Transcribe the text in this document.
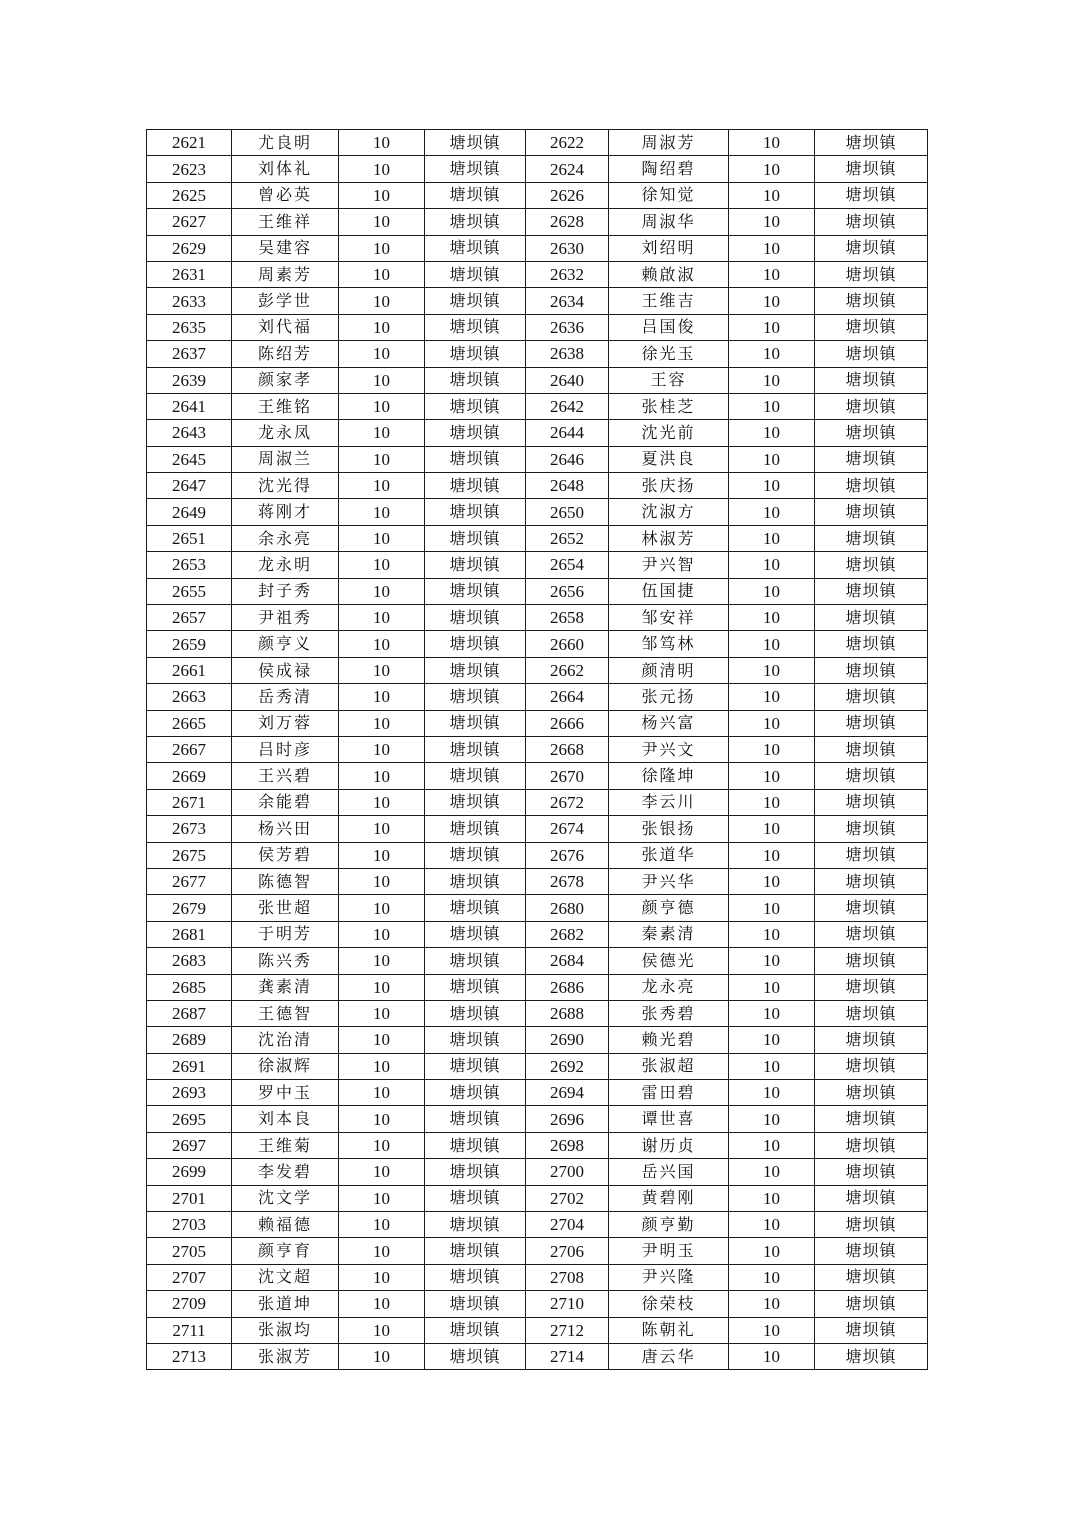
2621	尤良明	10	塘坝镇	2622	周淑芳	10	塘坝镇
2623	刘体礼	10	塘坝镇	2624	陶绍碧	10	塘坝镇
2625	曾必英	10	塘坝镇	2626	徐知觉	10	塘坝镇
2627	王维祥	10	塘坝镇	2628	周淑华	10	塘坝镇
2629	吴建容	10	塘坝镇	2630	刘绍明	10	塘坝镇
2631	周素芳	10	塘坝镇	2632	赖啟淑	10	塘坝镇
2633	彭学世	10	塘坝镇	2634	王维吉	10	塘坝镇
2635	刘代福	10	塘坝镇	2636	吕国俊	10	塘坝镇
2637	陈绍芳	10	塘坝镇	2638	徐光玉	10	塘坝镇
2639	颜家孝	10	塘坝镇	2640	王容	10	塘坝镇
2641	王维铭	10	塘坝镇	2642	张桂芝	10	塘坝镇
2643	龙永凤	10	塘坝镇	2644	沈光前	10	塘坝镇
2645	周淑兰	10	塘坝镇	2646	夏洪良	10	塘坝镇
2647	沈光得	10	塘坝镇	2648	张庆扬	10	塘坝镇
2649	蒋刚才	10	塘坝镇	2650	沈淑方	10	塘坝镇
2651	余永亮	10	塘坝镇	2652	林淑芳	10	塘坝镇
2653	龙永明	10	塘坝镇	2654	尹兴智	10	塘坝镇
2655	封子秀	10	塘坝镇	2656	伍国捷	10	塘坝镇
2657	尹祖秀	10	塘坝镇	2658	邹安祥	10	塘坝镇
2659	颜亨义	10	塘坝镇	2660	邹笃林	10	塘坝镇
2661	侯成禄	10	塘坝镇	2662	颜清明	10	塘坝镇
2663	岳秀清	10	塘坝镇	2664	张元扬	10	塘坝镇
2665	刘万蓉	10	塘坝镇	2666	杨兴富	10	塘坝镇
2667	吕时彦	10	塘坝镇	2668	尹兴文	10	塘坝镇
2669	王兴碧	10	塘坝镇	2670	徐隆坤	10	塘坝镇
2671	余能碧	10	塘坝镇	2672	李云川	10	塘坝镇
2673	杨兴田	10	塘坝镇	2674	张银扬	10	塘坝镇
2675	侯芳碧	10	塘坝镇	2676	张道华	10	塘坝镇
2677	陈德智	10	塘坝镇	2678	尹兴华	10	塘坝镇
2679	张世超	10	塘坝镇	2680	颜亨德	10	塘坝镇
2681	于明芳	10	塘坝镇	2682	秦素清	10	塘坝镇
2683	陈兴秀	10	塘坝镇	2684	侯德光	10	塘坝镇
2685	龚素清	10	塘坝镇	2686	龙永亮	10	塘坝镇
2687	王德智	10	塘坝镇	2688	张秀碧	10	塘坝镇
2689	沈治清	10	塘坝镇	2690	赖光碧	10	塘坝镇
2691	徐淑辉	10	塘坝镇	2692	张淑超	10	塘坝镇
2693	罗中玉	10	塘坝镇	2694	雷田碧	10	塘坝镇
2695	刘本良	10	塘坝镇	2696	谭世喜	10	塘坝镇
2697	王维菊	10	塘坝镇	2698	谢历贞	10	塘坝镇
2699	李发碧	10	塘坝镇	2700	岳兴国	10	塘坝镇
2701	沈文学	10	塘坝镇	2702	黄碧刚	10	塘坝镇
2703	赖福德	10	塘坝镇	2704	颜亨勤	10	塘坝镇
2705	颜亨育	10	塘坝镇	2706	尹明玉	10	塘坝镇
2707	沈文超	10	塘坝镇	2708	尹兴隆	10	塘坝镇
2709	张道坤	10	塘坝镇	2710	徐荣枝	10	塘坝镇
2711	张淑均	10	塘坝镇	2712	陈朝礼	10	塘坝镇
2713	张淑芳	10	塘坝镇	2714	唐云华	10	塘坝镇
